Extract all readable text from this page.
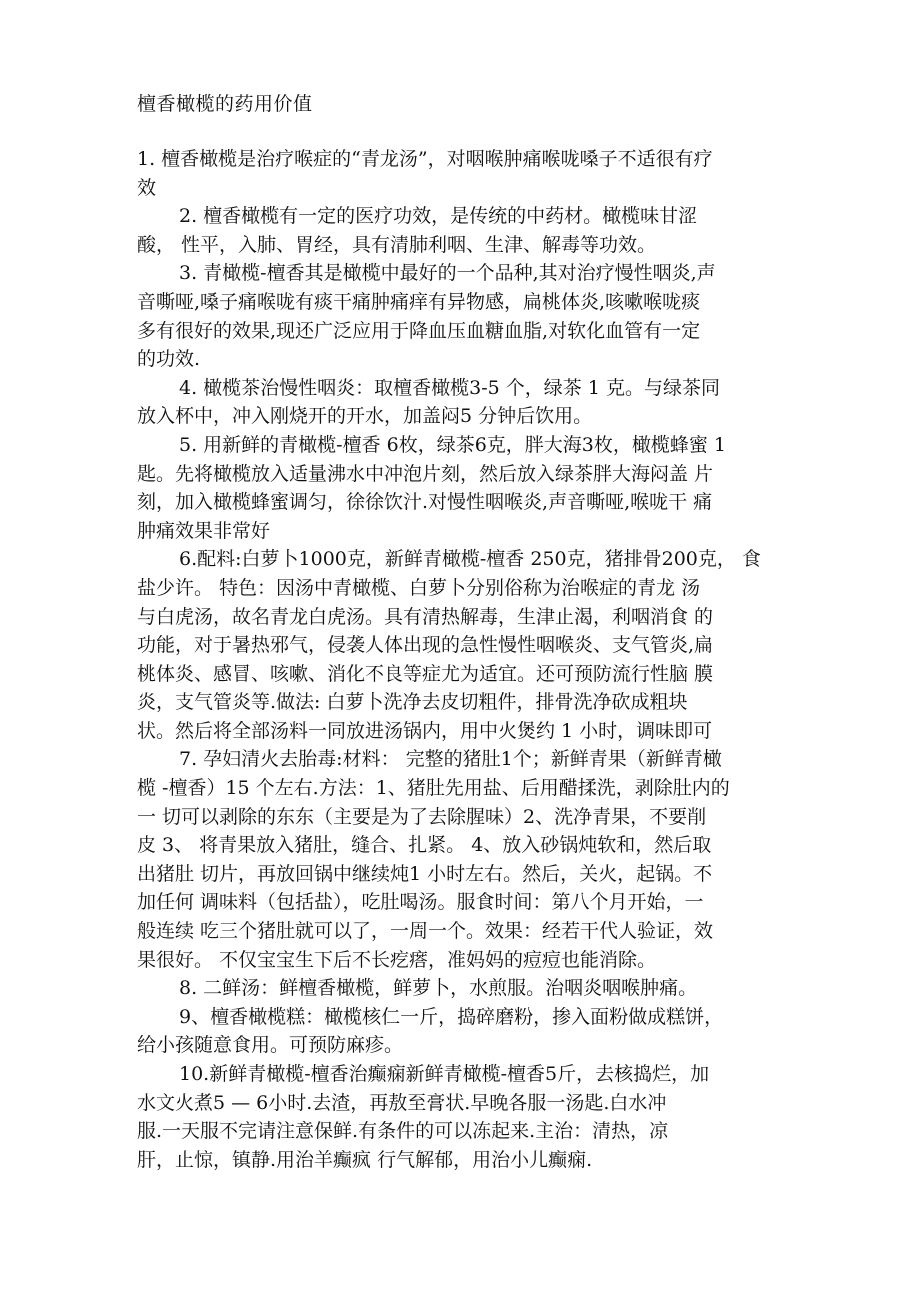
檀香橄榄的药用价值
1. 檀香橄榄是治疗喉症的“青龙汤”，对咽喉肿痛喉咙嗓子不适很有疗
效
2. 檀香橄榄有一定的医疗功效，是传统的中药材。橄榄味甘涩
酸， 性平，入肺、胃经，具有清肺利咽、生津、解毒等功效。
3. 青橄榄-檀香其是橄榄中最好的一个品种,其对治疗慢性咽炎,声
音嘶哑,嗓子痛喉咙有痰干痛肿痛痒有异物感，扁桃体炎,咳嗽喉咙痰
多有很好的效果,现还广泛应用于降血压血糖血脂,对软化血管有一定
的功效.
4. 橄榄茶治慢性咽炎：取檀香橄榄3-5 个，绿茶 1 克。与绿茶同
放入杯中，冲入刚烧开的开水，加盖闷5 分钟后饮用。
5. 用新鲜的青橄榄-檀香 6枚，绿茶6克，胖大海3枚，橄榄蜂蜜 1
匙。先将橄榄放入适量沸水中冲泡片刻，然后放入绿茶胖大海闷盖 片
刻，加入橄榄蜂蜜调匀，徐徐饮汁.对慢性咽喉炎,声音嘶哑,喉咙干 痛
肿痛效果非常好
6.配料:白萝卜1000克，新鲜青橄榄-檀香 250克，猪排骨200克， 食
盐少许。 特色：因汤中青橄榄、白萝卜分别俗称为治喉症的青龙 汤
与白虎汤，故名青龙白虎汤。具有清热解毒，生津止渴，利咽消食 的
功能，对于暑热邪气，侵袭人体出现的急性慢性咽喉炎、支气管炎,扁
桃体炎、感冒、咳嗽、消化不良等症尤为适宜。还可预防流行性脑 膜
炎，支气管炎等.做法: 白萝卜洗净去皮切粗件，排骨洗净砍成粗块
状。然后将全部汤料一同放进汤锅内，用中火煲约 1 小时，调味即可
7. 孕妇清火去胎毒:材料： 完整的猪肚1个；新鲜青果（新鲜青橄
榄 -檀香）15 个左右.方法：1、猪肚先用盐、后用醋揉洗，剥除肚内的
一 切可以剥除的东东（主要是为了去除腥味）2、洗净青果，不要削
皮 3、 将青果放入猪肚，缝合、扎紧。 4、放入砂锅炖软和，然后取
出猪肚 切片，再放回锅中继续炖1 小时左右。然后，关火，起锅。不
加任何 调味料（包括盐），吃肚喝汤。服食时间：第八个月开始，一
般连续 吃三个猪肚就可以了，一周一个。效果：经若干代人验证，效
果很好。 不仅宝宝生下后不长疙瘩，准妈妈的痘痘也能消除。
8. 二鲜汤：鲜檀香橄榄，鲜萝卜，水煎服。治咽炎咽喉肿痛。
9、檀香橄榄糕：橄榄核仁一斤，捣碎磨粉，掺入面粉做成糕饼，
给小孩随意食用。可预防麻疹。
10.新鲜青橄榄-檀香治癫痫新鲜青橄榄-檀香5斤，去核捣烂，加
水文火煮5 — 6小时.去渣，再敖至膏状.早晚各服一汤匙.白水冲
服.一天服不完请注意保鲜.有条件的可以冻起来.主治：清热，凉
肝，止惊，镇静.用治羊癫疯 行气解郁，用治小儿癫痫.
